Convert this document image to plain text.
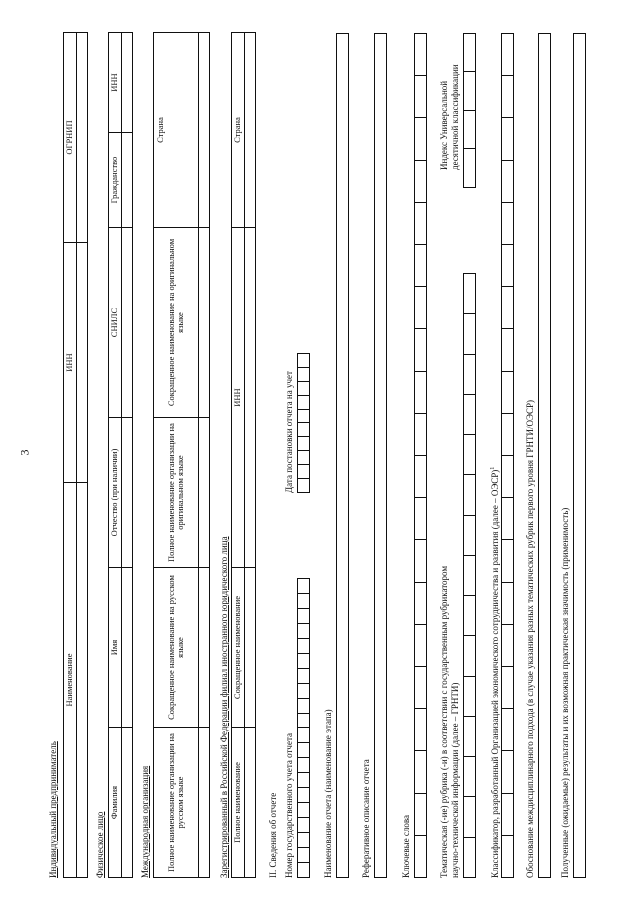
3
Индивидуальный предприниматель
Наименование	ИНН	ОГРНИП

Физическое лицо
Фамилия	Имя	Отчество (при наличии)	СНИЛС	Гражданство	ИНН

Международная организация Полное наименование организации на русском языке	Сокращенное наименование на русском языке	Полное наименование организации на оригинальном языке	Сокращенное наименование на оригинальном языке	Страна

Зарегистрированный в Российской Федерации филиал иностранного юридического лица Полное наименование	Сокращенное наименование	ИНН	Страна

II. Сведения об отчете Номер государственного учета отчета
Дата постановки отчета на учет
Наименование отчета (наименование этапа)	Реферативное описание отчета	Ключевые слова	Тематическая (-ие) рубрика (-и) в соответствии с государственным рубрикатором научно-технической информации (далее – ГРНТИ)
Индекс Универсальной десятичной классификации
Классификатор, разработанный Организацией экономического сотрудничества и развития (далее – ОЭСР)$^1$	Обоснование междисциплинарного подхода (в случае указания разных тематических рубрик первого уровня ГРНТИ/ОЭСР)	Полученные (ожидаемые) результаты и их возможная практическая значимость (применимость)
